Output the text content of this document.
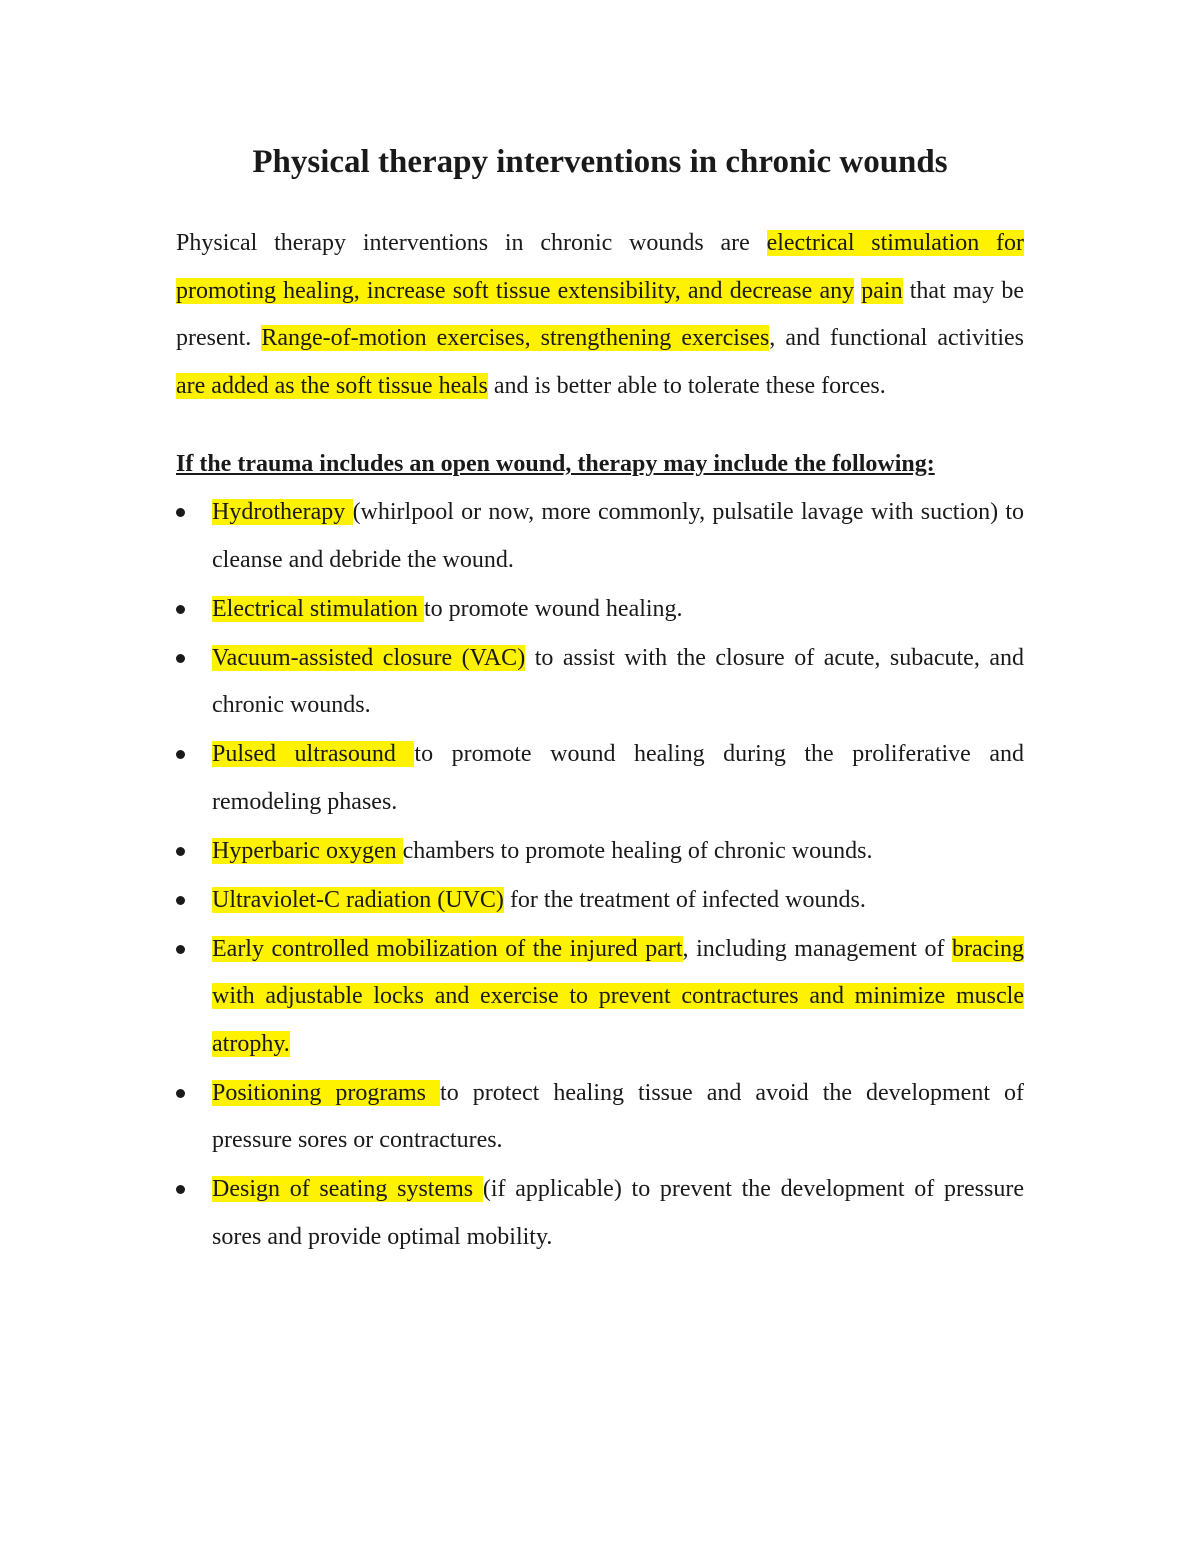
Physical therapy interventions in chronic wounds

Physical therapy interventions in chronic wounds are electrical stimulation for promoting healing, increase soft tissue extensibility, and decrease any pain that may be present. Range-of-motion exercises, strengthening exercises, and functional activities are added as the soft tissue heals and is better able to tolerate these forces.

If the trauma includes an open wound, therapy may include the following:

Hydrotherapy (whirlpool or now, more commonly, pulsatile lavage with suction) to cleanse and debride the wound.
Electrical stimulation to promote wound healing.
Vacuum-assisted closure (VAC) to assist with the closure of acute, subacute, and chronic wounds.
Pulsed ultrasound to promote wound healing during the proliferative and remodeling phases.
Hyperbaric oxygen chambers to promote healing of chronic wounds.
Ultraviolet-C radiation (UVC) for the treatment of infected wounds.
Early controlled mobilization of the injured part, including management of bracing with adjustable locks and exercise to prevent contractures and minimize muscle atrophy.
Positioning programs to protect healing tissue and avoid the development of pressure sores or contractures.
Design of seating systems (if applicable) to prevent the development of pressure sores and provide optimal mobility.
